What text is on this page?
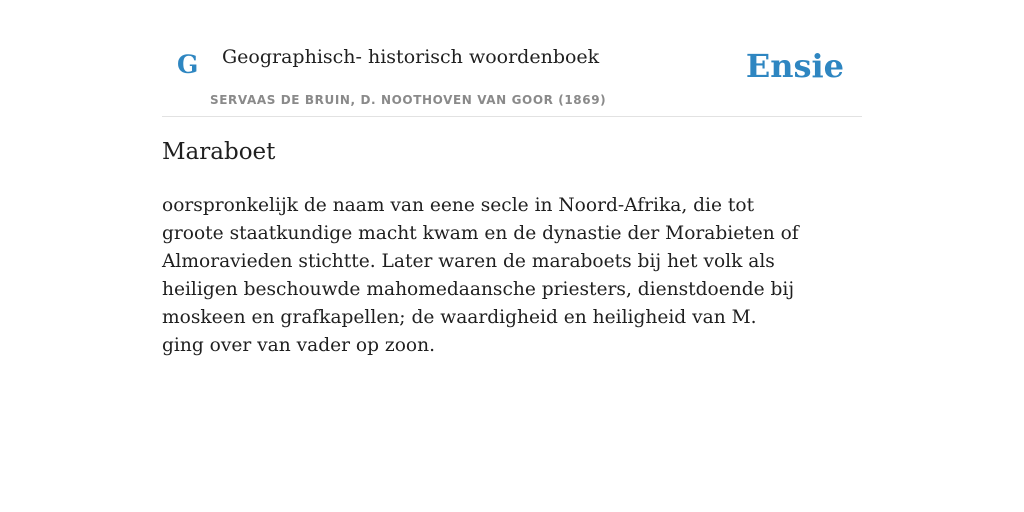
G Geographisch- historisch woordenboek
SERVAAS DE BRUIN, D. NOOTHOVEN VAN GOOR (1869)
Ensie
Maraboet

oorspronkelijk de naam van eene secle in Noord-Afrika, die tot groote staatkundige macht kwam en de dynastie der Morabieten of Almoravieden stichtte. Later waren de maraboets bij het volk als heiligen beschouwde mahomedaansche priesters, dienstdoende bij moskeen en grafkapellen; de waardigheid en heiligheid van M. ging over van vader op zoon.
